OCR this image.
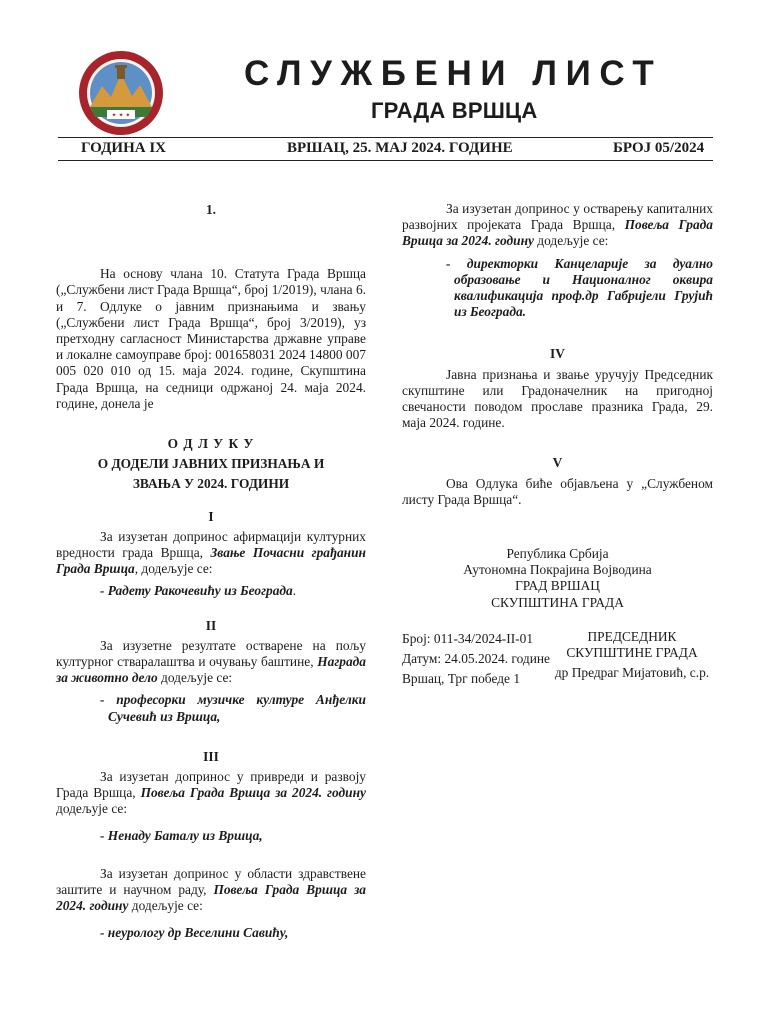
✦ ✦ ✦
СЛУЖБЕНИ ЛИСТ
ГРАДА ВРШЦА
ГОДИНА IX	ВРШАЦ, 25. МАЈ 2024. ГОДИНЕ	БРОЈ 05/2024

1.

На основу члана 10. Статута Града Вршца („Службени лист Града Вршца“, број 1/2019), члана 6. и 7. Одлуке о јавним признањима и звању („Службени лист Града Вршца“, број 3/2019), уз претходну сагласност Министарства државне управе и локалне самоуправе број: 001658031 2024 14800 007 005 020 010 од 15. маја 2024. године, Скупштина Града Вршца, на седници одржаној 24. маја 2024. године, донела је

О Д Л У К У

О ДОДЕЛИ ЈАВНИХ ПРИЗНАЊА И

ЗВАЊА У 2024. ГОДИНИ

I

За изузетан допринос афирмацији културних вредности града Вршца, Звање Почасни грађанин Града Вршца, додељује се:

- Радету Ракочевићу из Београда.

II

За изузетне резултате остварене на пољу културног стваралаштва и очувању баштине, Награда за животно дело додељује се:

- професорки музичке културе Анђелки Сучевић из Вршца,

III

За изузетан допринос у привреди и развоју Града Вршца, Повеља Града Вршца за 2024. годину додељује се:

- Ненаду Баталу из Вршца,

За изузетан допринос у области здравствене заштите и научном раду, Повеља Града Вршца за 2024. годину додељује се:

- неурологу др Веселини Савићу,

За изузетан допринос у остварењу капиталних развојних пројеката Града Вршца, Повеља Града Вршца за 2024. годину додељује се:

- директорки Канцеларије за дуално образовање и Националног оквира квалификација проф.др Габријели Грујић из Београда.

IV

Јавна признања и звање уручују Председник скупштине или Градоначелник на пригодној свечаности поводом прославе празника Града, 29. маја 2024. године.

V

Ова Одлука биће објављена у „Службеном листу Града Вршца“.

Република Србија

Аутономна Покрајина Војводина

ГРАД ВРШАЦ

СКУПШТИНА ГРАДА

Број: 011-34/2024-II-01

Датум: 24.05.2024. године

Вршац, Трг победе 1

ПРЕДСЕДНИК

СКУПШТИНЕ ГРАДА

др Предраг Мијатовић, с.р.
